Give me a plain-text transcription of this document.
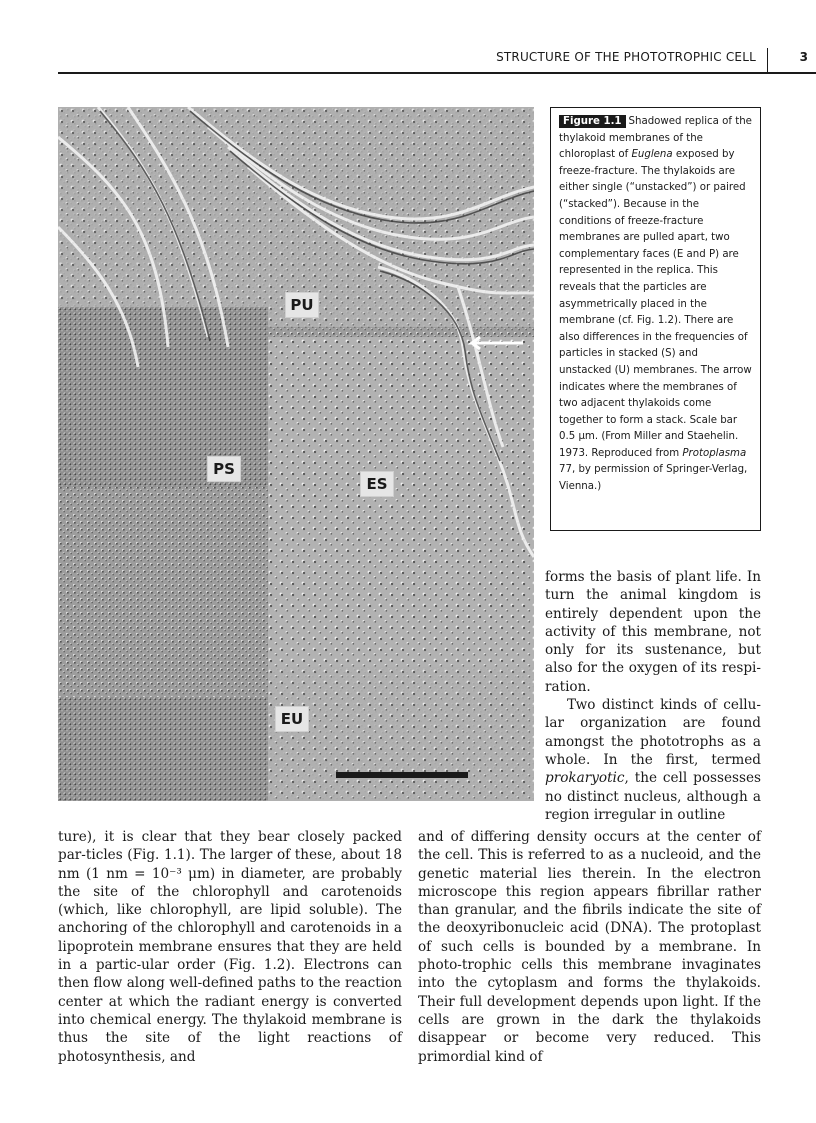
STRUCTURE OF THE PHOTOTROPHIC CELL	3
PU
PS
ES
EU
Figure 1.1 Shadowed replica of the thylakoid membranes of the chloroplast of Euglena exposed by freeze-fracture. The thylakoids are either single (“unstacked”) or paired (“stacked”). Because in the conditions of freeze-fracture membranes are pulled apart, two complementary faces (E and P) are represented in the replica. This reveals that the particles are asymmetrically placed in the membrane (cf. Fig. 1.2). There are also differences in the frequencies of particles in stacked (S) and unstacked (U) membranes. The arrow indicates where the membranes of two adjacent thylakoids come together to form a stack. Scale bar 0.5 μm. (From Miller and Staehelin. 1973. Reproduced from Protoplasma 77, by permission of Springer-Verlag, Vienna.)

forms the basis of plant life. In turn the animal kingdom is entirely dependent upon the activity of this membrane, not only for its sustenance, but also for the oxygen of its respi-ration.

Two distinct kinds of cellu-lar organization are found amongst the phototrophs as a whole. In the first, termed prokaryotic, the cell possesses no distinct nucleus, although a region irregular in outline

ture), it is clear that they bear closely packed par-ticles (Fig. 1.1). The larger of these, about 18 nm (1 nm = 10⁻³ μm) in diameter, are probably the site of the chlorophyll and carotenoids (which, like chlorophyll, are lipid soluble). The anchoring of the chlorophyll and carotenoids in a lipoprotein membrane ensures that they are held in a partic-ular order (Fig. 1.2). Electrons can then flow along well-defined paths to the reaction center at which the radiant energy is converted into chemical energy. The thylakoid membrane is thus the site of the light reactions of photosynthesis, and

and of differing density occurs at the center of the cell. This is referred to as a nucleoid, and the genetic material lies therein. In the electron microscope this region appears fibrillar rather than granular, and the fibrils indicate the site of the deoxyribonucleic acid (DNA). The protoplast of such cells is bounded by a membrane. In photo-trophic cells this membrane invaginates into the cytoplasm and forms the thylakoids. Their full development depends upon light. If the cells are grown in the dark the thylakoids disappear or become very reduced. This primordial kind of
